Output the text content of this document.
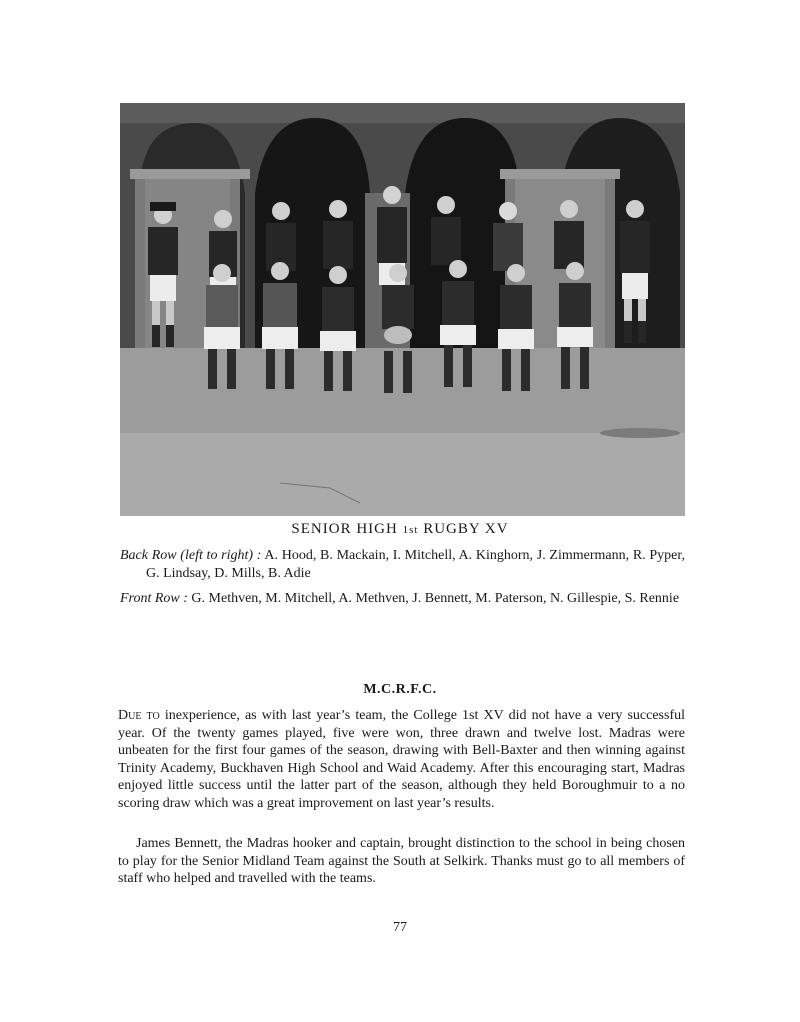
SENIOR HIGH 1st RUGBY XV
Back Row (left to right) : A. Hood, B. Mackain, I. Mitchell, A. Kinghorn, J. Zimmermann, R. Pyper, G. Lindsay, D. Mills, B. Adie
Front Row : G. Methven, M. Mitchell, A. Methven, J. Bennett, M. Paterson, N. Gillespie, S. Rennie
M.C.R.F.C.

Due to inexperience, as with last year’s team, the College 1st XV did not have a very successful year. Of the twenty games played, five were won, three drawn and twelve lost. Madras were unbeaten for the first four games of the season, drawing with Bell-Baxter and then winning against Trinity Academy, Buckhaven High School and Waid Academy. After this encouraging start, Madras enjoyed little success until the latter part of the season, although they held Boroughmuir to a no scoring draw which was a great improvement on last year’s results.

James Bennett, the Madras hooker and captain, brought distinction to the school in being chosen to play for the Senior Midland Team against the South at Selkirk. Thanks must go to all members of staff who helped and travelled with the teams.

77
